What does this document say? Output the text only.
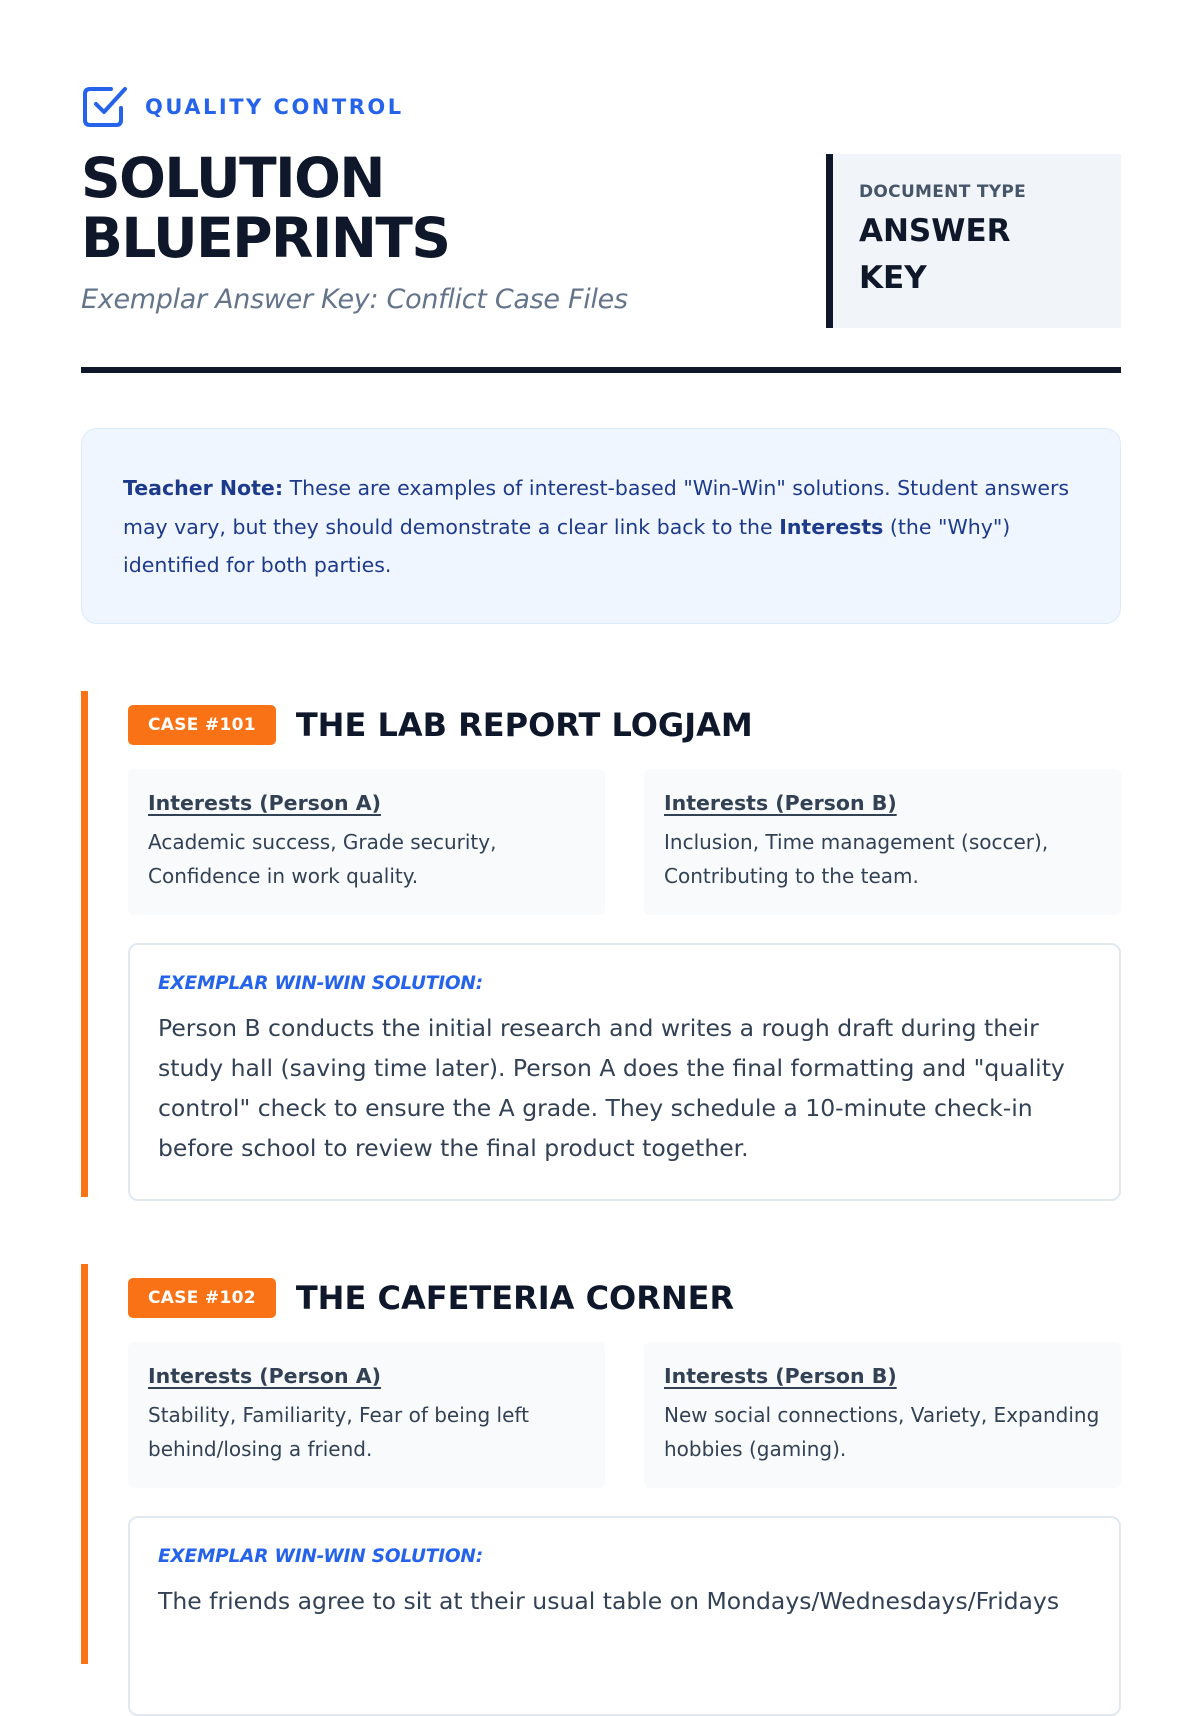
QUALITY CONTROL
SOLUTION
BLUEPRINTS
Exemplar Answer Key: Conflict Case Files
DOCUMENT TYPE
ANSWER KEY
Teacher Note: These are examples of interest-based "Win-Win" solutions. Student answers may vary, but they should demonstrate a clear link back to the Interests (the "Why") identified for both parties.
CASE #101	THE LAB REPORT LOGJAM
Interests (Person A)
Academic success, Grade security, Confidence in work quality.
Interests (Person B)
Inclusion, Time management (soccer), Contributing to the team.
EXEMPLAR WIN-WIN SOLUTION:
Person B conducts the initial research and writes a rough draft during their study hall (saving time later). Person A does the final formatting and "quality control" check to ensure the A grade. They schedule a 10-minute check-in before school to review the final product together.
CASE #102	THE CAFETERIA CORNER
Interests (Person A)
Stability, Familiarity, Fear of being left behind/losing a friend.
Interests (Person B)
New social connections, Variety, Expanding hobbies (gaming).
EXEMPLAR WIN-WIN SOLUTION:
The friends agree to sit at their usual table on Mondays/Wednesdays/Fridays
